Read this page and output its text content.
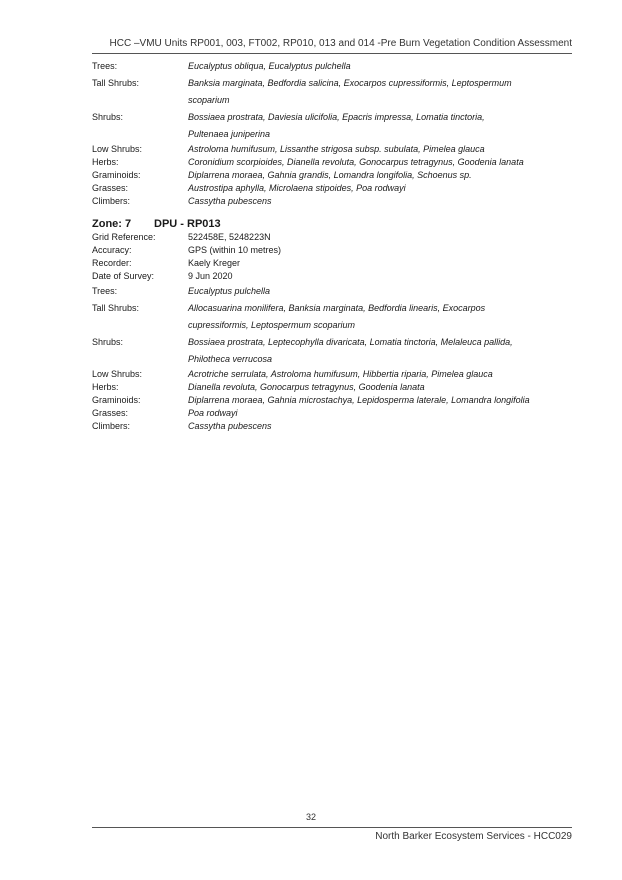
HCC –VMU Units RP001, 003, FT002, RP010, 013 and 014 -Pre Burn Vegetation Condition Assessment
Trees:	Eucalyptus obliqua, Eucalyptus pulchella
Tall Shrubs:	Banksia marginata, Bedfordia salicina, Exocarpos cupressiformis, Leptospermum
scoparium
Shrubs:	Bossiaea prostrata, Daviesia ulicifolia, Epacris impressa, Lomatia tinctoria,
Pultenaea juniperina
Low Shrubs:	Astroloma humifusum, Lissanthe strigosa subsp. subulata, Pimelea glauca
Herbs:	Coronidium scorpioides, Dianella revoluta, Gonocarpus tetragynus, Goodenia lanata
Graminoids:	Diplarrena moraea, Gahnia grandis, Lomandra longifolia, Schoenus sp.
Grasses:	Austrostipa aphylla, Microlaena stipoides, Poa rodwayi
Climbers:	Cassytha pubescens
Zone: 7	DPU - RP013
Grid Reference:	522458E, 5248223N
Accuracy:	GPS (within 10 metres)
Recorder:	Kaely Kreger
Date of Survey:	9 Jun 2020
Trees:	Eucalyptus pulchella
Tall Shrubs:	Allocasuarina monilifera, Banksia marginata, Bedfordia linearis, Exocarpos
cupressiformis, Leptospermum scoparium
Shrubs:	Bossiaea prostrata, Leptecophylla divaricata, Lomatia tinctoria, Melaleuca pallida,
Philotheca verrucosa
Low Shrubs:	Acrotriche serrulata, Astroloma humifusum, Hibbertia riparia, Pimelea glauca
Herbs:	Dianella revoluta, Gonocarpus tetragynus, Goodenia lanata
Graminoids:	Diplarrena moraea, Gahnia microstachya, Lepidosperma laterale, Lomandra longifolia
Grasses:	Poa rodwayi
Climbers:	Cassytha pubescens
32
North Barker Ecosystem Services - HCC029
